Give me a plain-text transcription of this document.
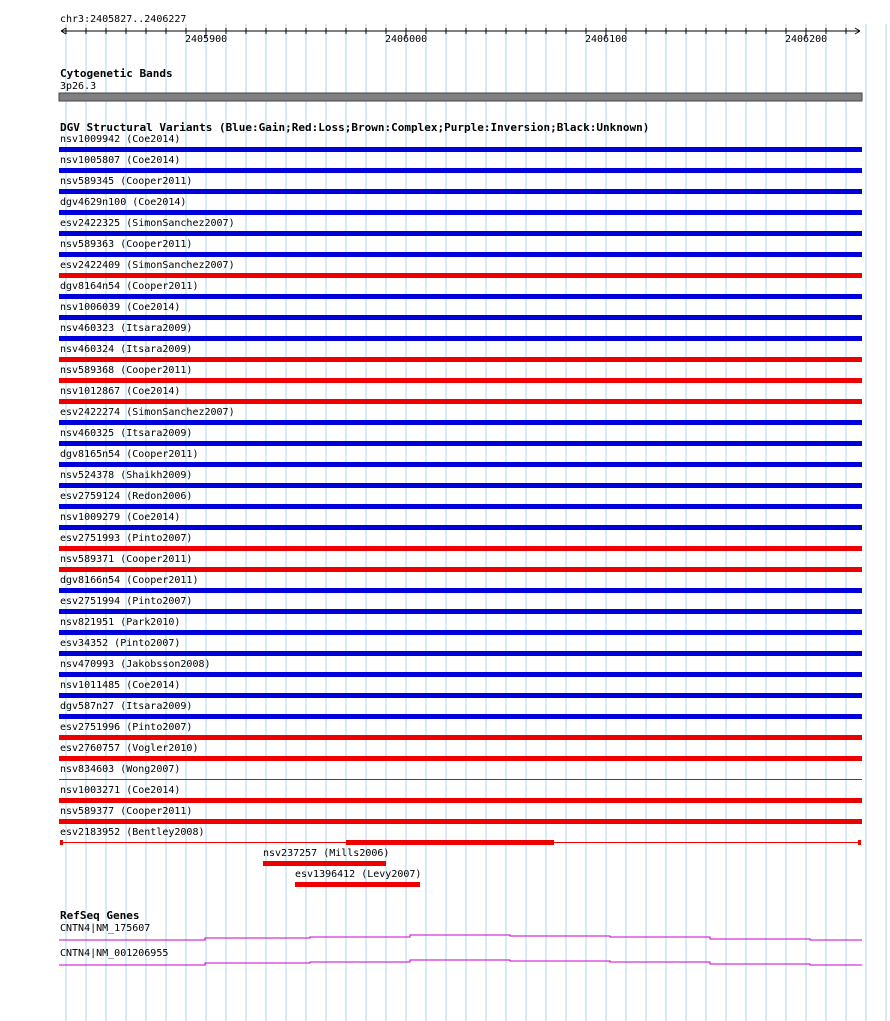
chr3:2405827..2406227
2405900	2406000	2406100	2406200
Cytogenetic Bands
3p26.3
DGV Structural Variants (Blue:Gain;Red:Loss;Brown:Complex;Purple:Inversion;Black:Unknown)
nsv1009942 (Coe2014)
nsv1005807 (Coe2014)
nsv589345 (Cooper2011)
dgv4629n100 (Coe2014)
esv2422325 (SimonSanchez2007)
nsv589363 (Cooper2011)
esv2422409 (SimonSanchez2007)
dgv8164n54 (Cooper2011)
nsv1006039 (Coe2014)
nsv460323 (Itsara2009)
nsv460324 (Itsara2009)
nsv589368 (Cooper2011)
nsv1012867 (Coe2014)
esv2422274 (SimonSanchez2007)
nsv460325 (Itsara2009)
dgv8165n54 (Cooper2011)
nsv524378 (Shaikh2009)
esv2759124 (Redon2006)
nsv1009279 (Coe2014)
esv2751993 (Pinto2007)
nsv589371 (Cooper2011)
dgv8166n54 (Cooper2011)
esv2751994 (Pinto2007)
nsv821951 (Park2010)
esv34352 (Pinto2007)
nsv470993 (Jakobsson2008)
nsv1011485 (Coe2014)
dgv587n27 (Itsara2009)
esv2751996 (Pinto2007)
esv2760757 (Vogler2010)
nsv834603 (Wong2007)
nsv1003271 (Coe2014)
nsv589377 (Cooper2011)
esv2183952 (Bentley2008)
nsv237257 (Mills2006)
esv1396412 (Levy2007)
RefSeq Genes
CNTN4|NM_175607
CNTN4|NM_001206955
